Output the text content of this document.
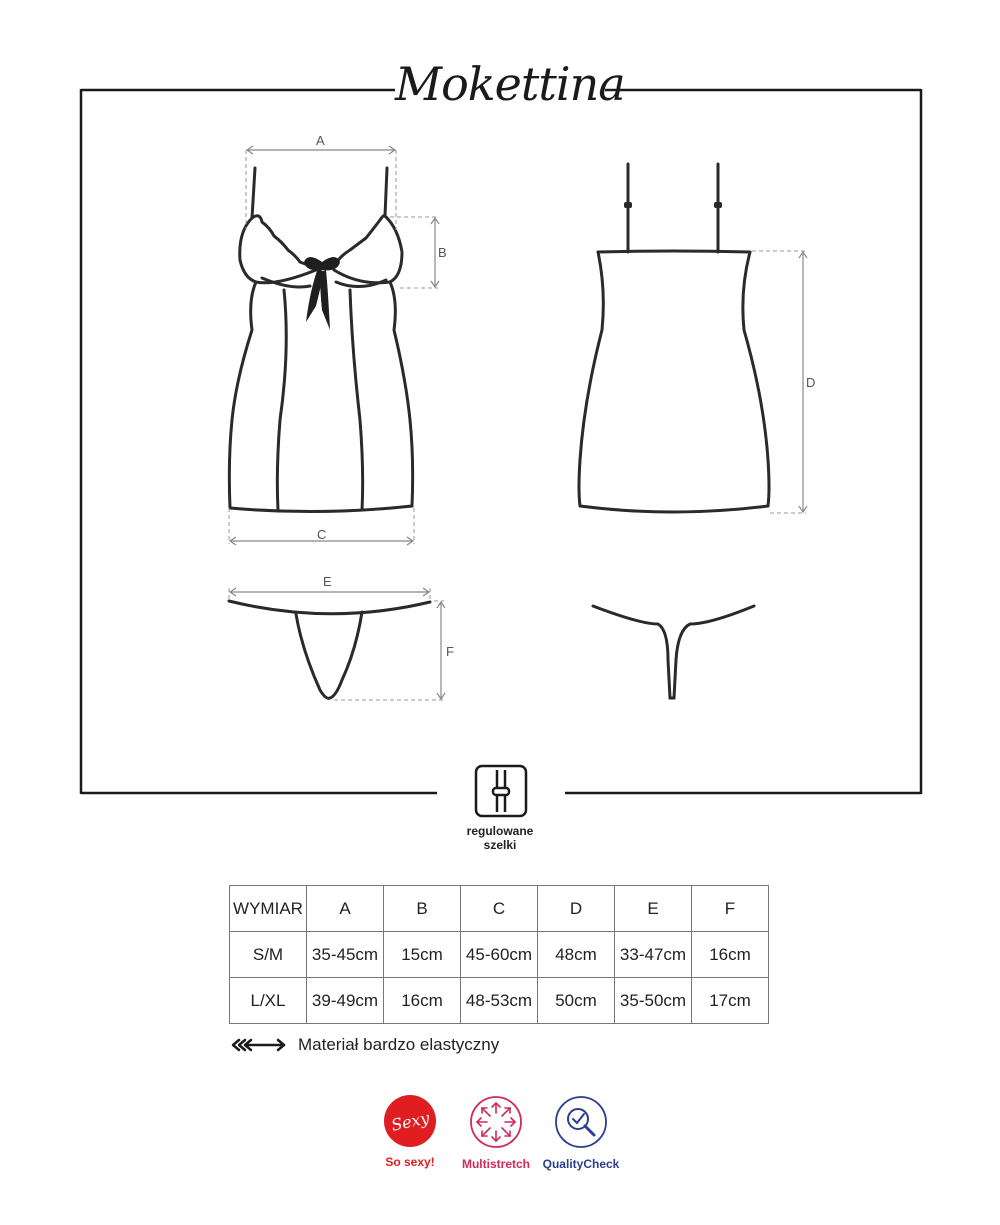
Mokettina
A
B
C
D
E
F
regulowane
szelki
WYMIAR	A	B	C	D	E	F
S/M	35-45cm	15cm	45-60cm	48cm	33-47cm	16cm
L/XL	39-49cm	16cm	48-53cm	50cm	35-50cm	17cm
Materiał bardzo elastyczny
Sexy
So sexy!	Multistretch	QualityCheck
